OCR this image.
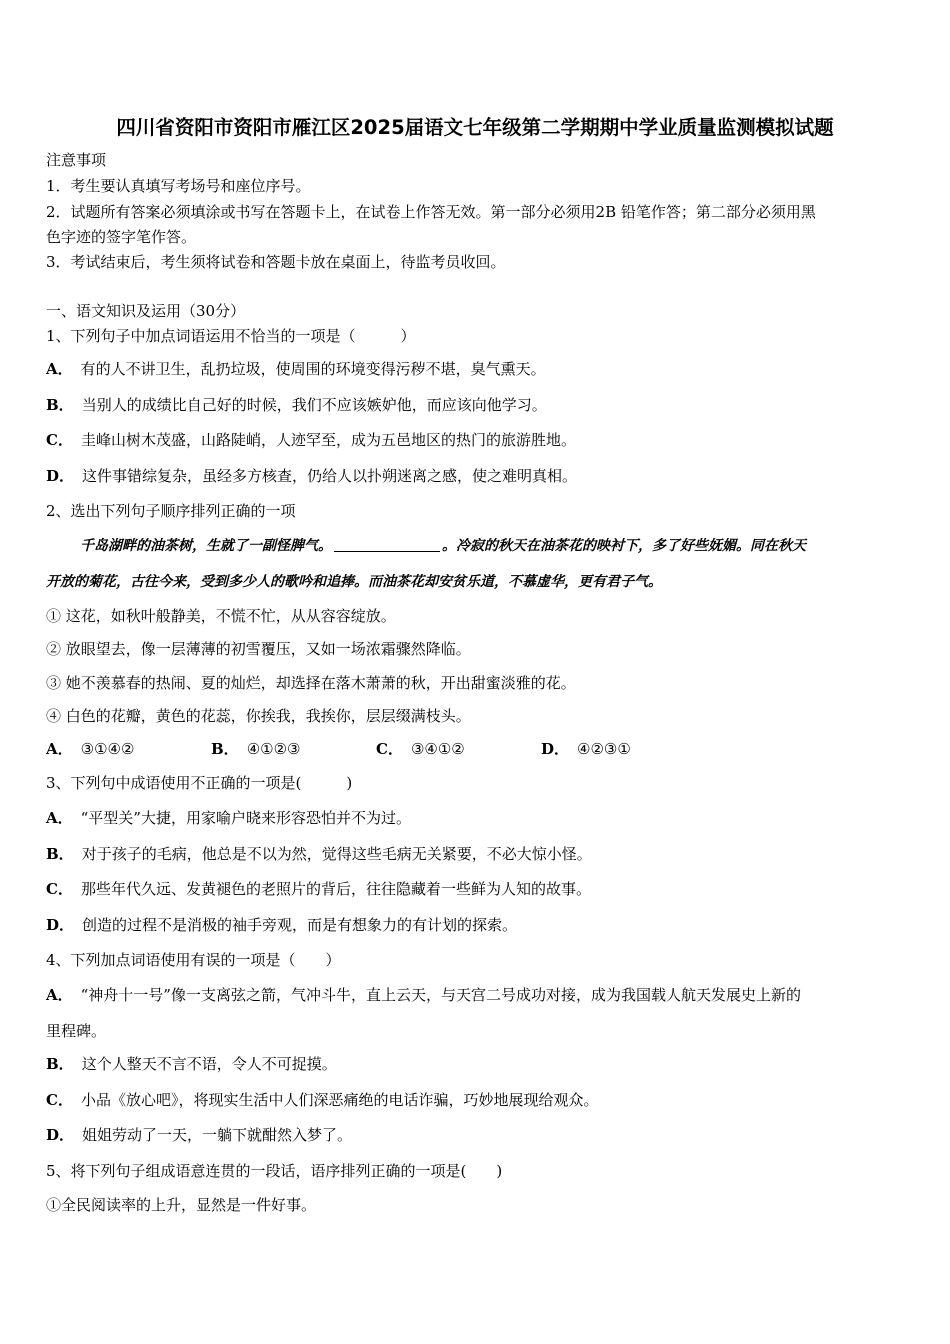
四川省资阳市资阳市雁江区2025届语文七年级第二学期期中学业质量监测模拟试题
注意事项
1．考生要认真填写考场号和座位序号。
2．试题所有答案必须填涂或书写在答题卡上，在试卷上作答无效。第一部分必须用2B 铅笔作答；第二部分必须用黑
色字迹的签字笔作答。
3．考试结束后，考生须将试卷和答题卡放在桌面上，待监考员收回。
一、语文知识及运用（30分）
1、下列句子中加点词语运用不恰当的一项是（　　　）
A． 有的人不讲卫生，乱扔垃圾，使周围的环境变得污秽不堪，臭气熏天。
B． 当别人的成绩比自己好的时候，我们不应该嫉妒他，而应该向他学习。
C． 圭峰山树木茂盛，山路陡峭，人迹罕至，成为五邑地区的热门的旅游胜地。
D． 这件事错综复杂，虽经多方核查，仍给人以扑朔迷离之感，使之难明真相。
2、选出下列句子顺序排列正确的一项
千岛湖畔的油茶树，生就了一副怪脾气。	。冷寂的秋天在油茶花的映衬下，多了好些妩媚。同在秋天
开放的菊花，古往今来，受到多少人的歌吟和追捧。而油茶花却安贫乐道，不慕虚华，更有君子气。
① 这花，如秋叶般静美，不慌不忙，从从容容绽放。
② 放眼望去，像一层薄薄的初雪覆压，又如一场浓霜骤然降临。
③ 她不羡慕春的热闹、夏的灿烂，却选择在落木萧萧的秋，开出甜蜜淡雅的花。
④ 白色的花瓣，黄色的花蕊，你挨我，我挨你，层层缀满枝头。
A． ③①④②	B． ④①②③	C． ③④①②	D． ④②③①
3、下列句中成语使用不正确的一项是(　　　)
A． “平型关”大捷，用家喻户晓来形容恐怕并不为过。
B． 对于孩子的毛病，他总是不以为然，觉得这些毛病无关紧要，不必大惊小怪。
C． 那些年代久远、发黄褪色的老照片的背后，往往隐藏着一些鲜为人知的故事。
D． 创造的过程不是消极的袖手旁观，而是有想象力的有计划的探索。
4、下列加点词语使用有误的一项是（　　）
A． “神舟十一号”像一支离弦之箭，气冲斗牛，直上云天，与天宫二号成功对接，成为我国载人航天发展史上新的
里程碑。
B． 这个人整天不言不语，令人不可捉摸。
C． 小品《放心吧》，将现实生活中人们深恶痛绝的电话诈骗，巧妙地展现给观众。
D． 姐姐劳动了一天，一躺下就酣然入梦了。
5、将下列句子组成语意连贯的一段话，语序排列正确的一项是(　　)
①全民阅读率的上升，显然是一件好事。
